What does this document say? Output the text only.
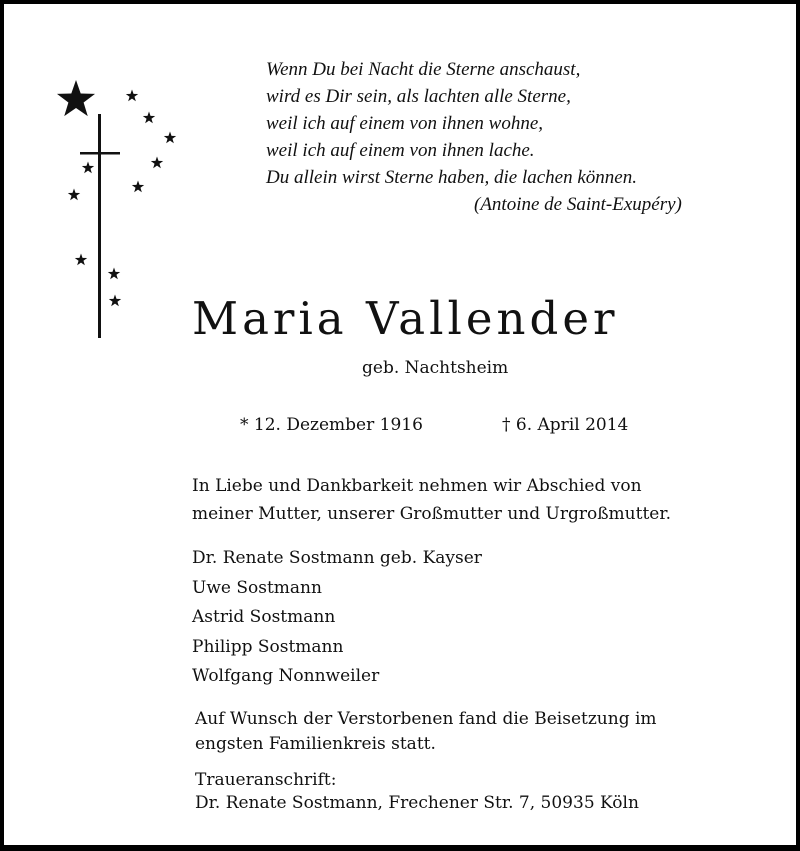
Wenn Du bei Nacht die Sterne anschaust,
wird es Dir sein, als lachten alle Sterne,
weil ich auf einem von ihnen wohne,
weil ich auf einem von ihnen lache.
Du allein wirst Sterne haben, die lachen können.
(Antoine de Saint-Exupéry)
Maria Vallender
geb. Nachtsheim
* 12. Dezember 1916	† 6. April 2014
In Liebe und Dankbarkeit nehmen wir Abschied von
meiner Mutter, unserer Großmutter und Urgroßmutter.
Dr. Renate Sostmann geb. Kayser
Uwe Sostmann
Astrid Sostmann
Philipp Sostmann
Wolfgang Nonnweiler
Auf Wunsch der Verstorbenen fand die Beisetzung im
engsten Familienkreis statt.
Traueranschrift:
Dr. Renate Sostmann, Frechener Str. 7, 50935 Köln
